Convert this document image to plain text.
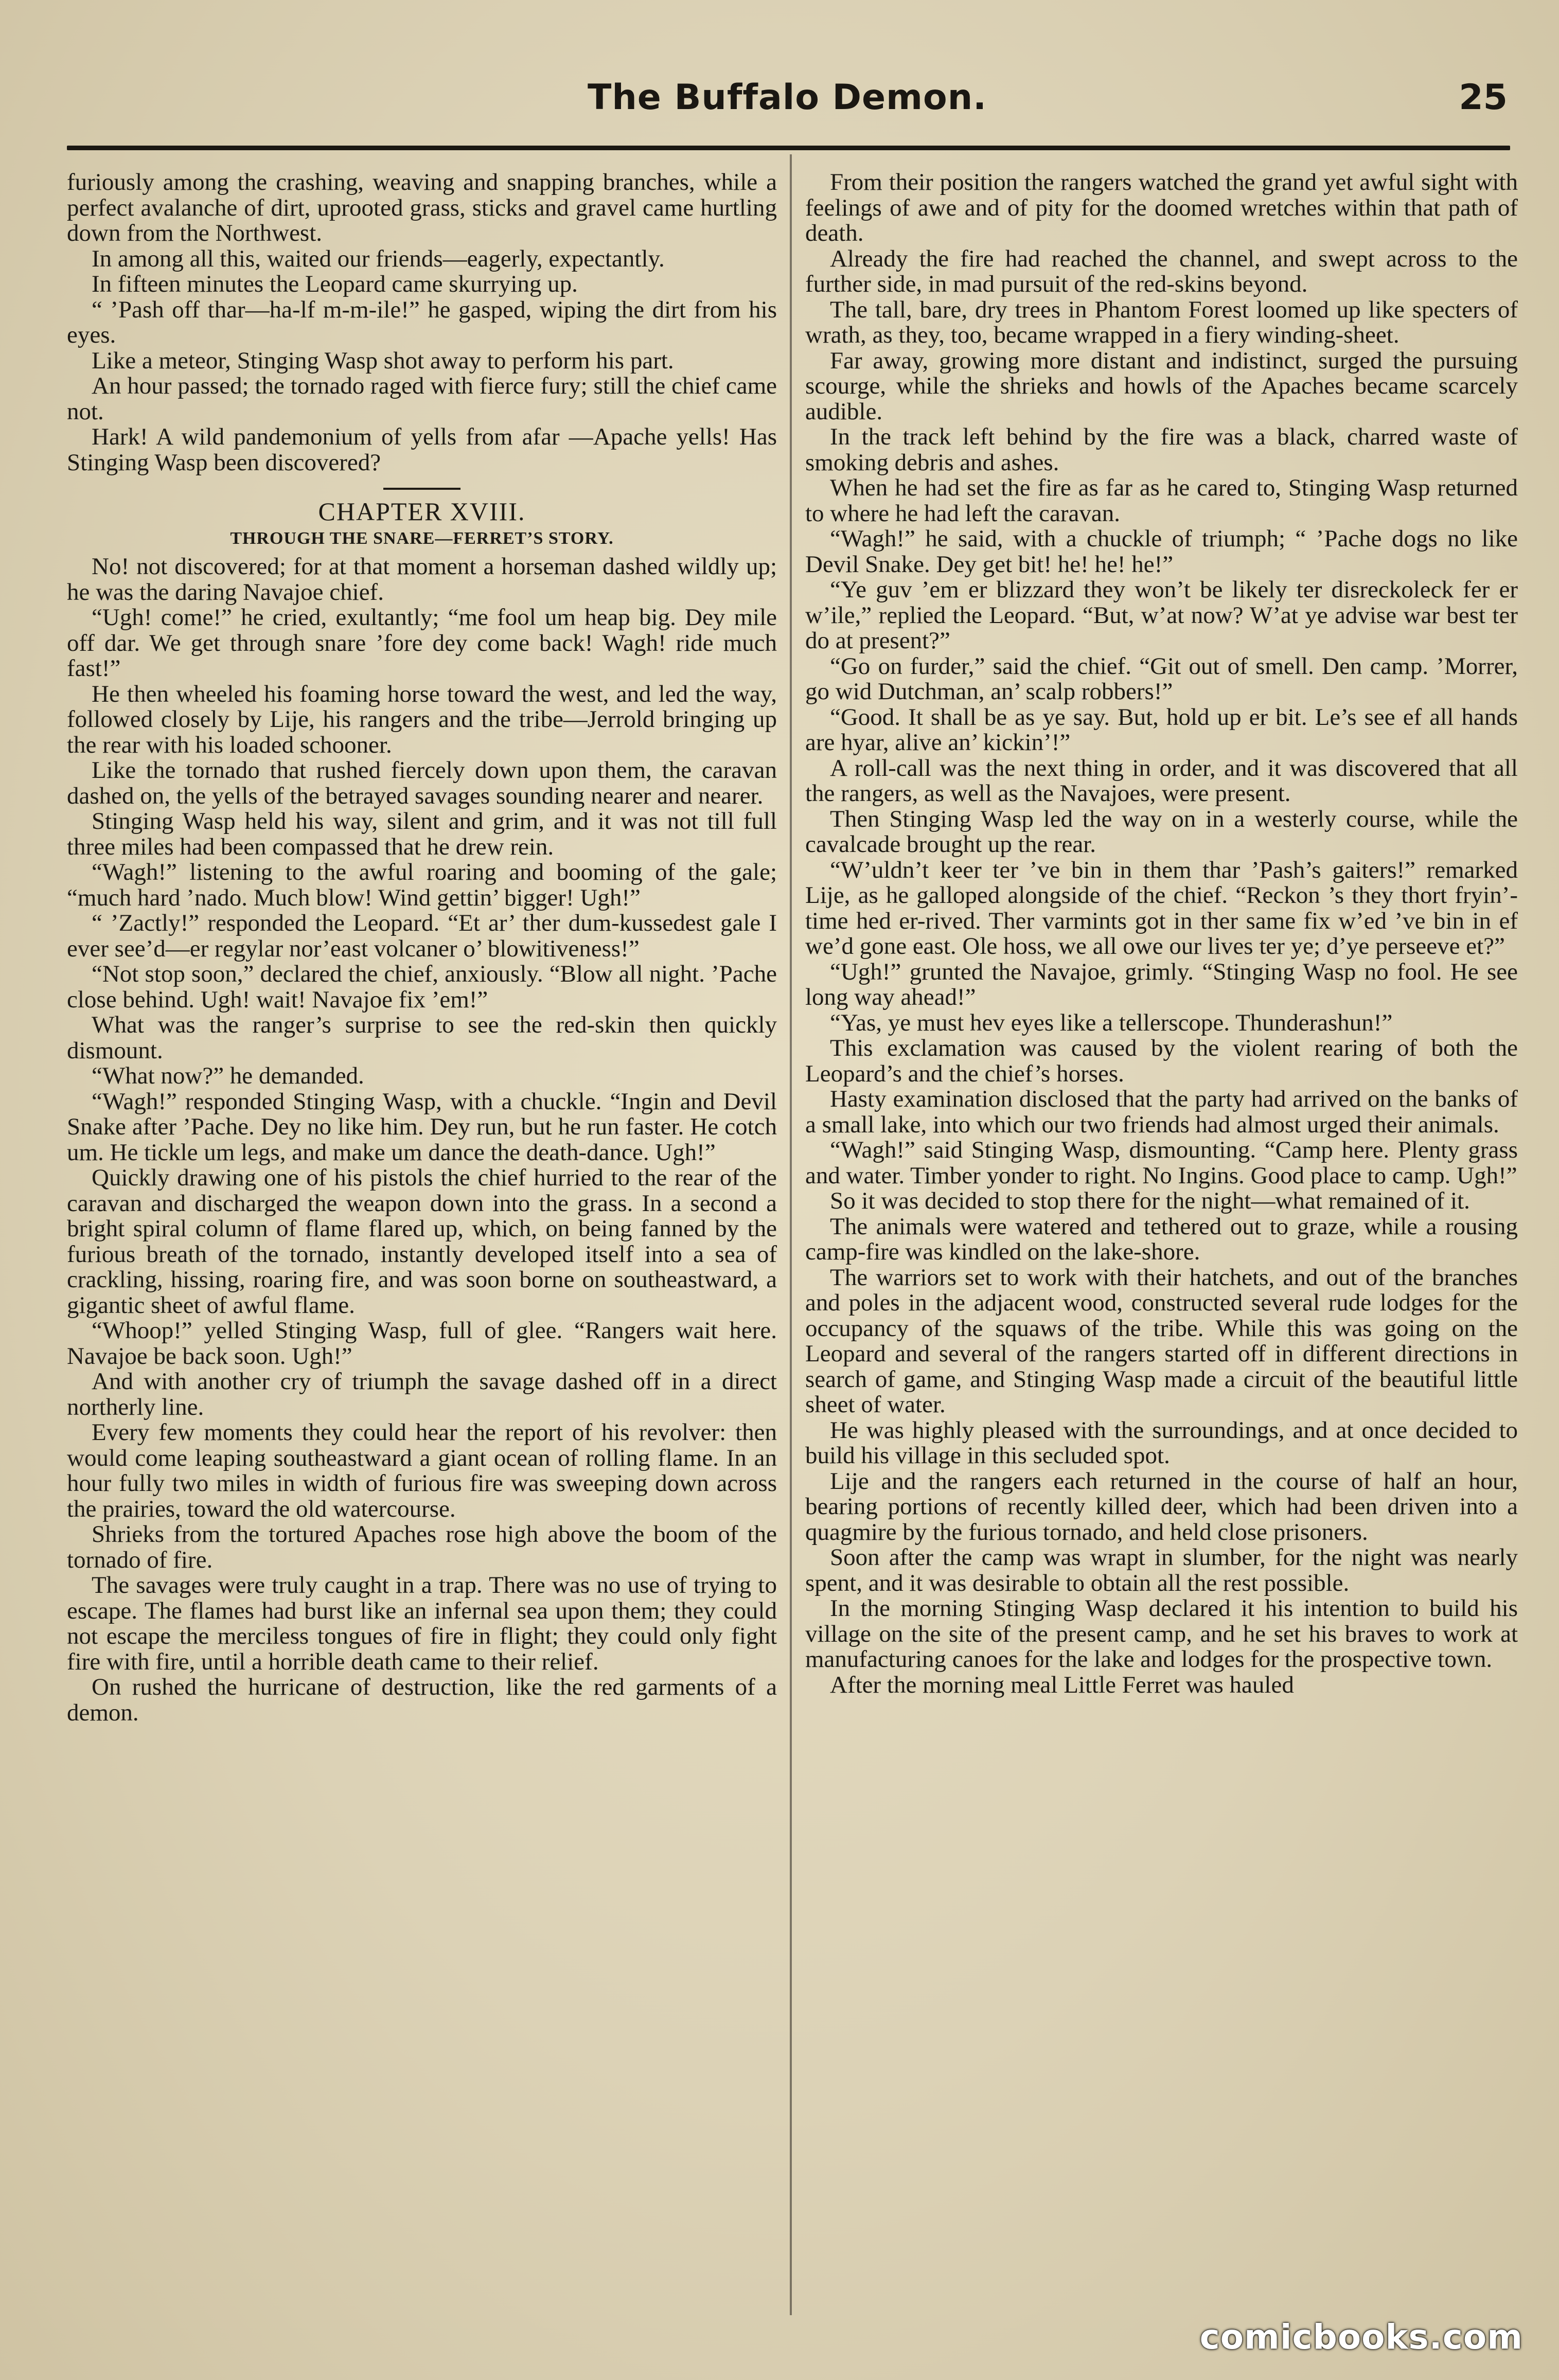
The Buffalo Demon.	25

furiously among the crashing, weaving and snapping branches, while a perfect avalanche of dirt, uprooted grass, sticks and gravel came hurtling down from the Northwest.

In among all this, waited our friends—eagerly, expectantly.

In fifteen minutes the Leopard came skurrying up.

“ ’Pash off thar—ha-lf m-m-ile!” he gasped, wiping the dirt from his eyes.

Like a meteor, Stinging Wasp shot away to perform his part.

An hour passed; the tornado raged with fierce fury; still the chief came not.

Hark! A wild pandemonium of yells from afar —Apache yells! Has Stinging Wasp been discovered?

CHAPTER XVIII.
THROUGH THE SNARE—FERRET’S STORY.

No! not discovered; for at that moment a horseman dashed wildly up; he was the daring Navajoe chief.

“Ugh! come!” he cried, exultantly; “me fool um heap big. Dey mile off dar. We get through snare ’fore dey come back! Wagh! ride much fast!”

He then wheeled his foaming horse toward the west, and led the way, followed closely by Lije, his rangers and the tribe—Jerrold bringing up the rear with his loaded schooner.

Like the tornado that rushed fiercely down upon them, the caravan dashed on, the yells of the betrayed savages sounding nearer and nearer.

Stinging Wasp held his way, silent and grim, and it was not till full three miles had been compassed that he drew rein.

“Wagh!” listening to the awful roaring and booming of the gale; “much hard ’nado. Much blow! Wind gettin’ bigger! Ugh!”

“ ’Zactly!” responded the Leopard. “Et ar’ ther dum-kussedest gale I ever see’d—er regylar nor’east volcaner o’ blowitiveness!”

“Not stop soon,” declared the chief, anxiously. “Blow all night. ’Pache close behind. Ugh! wait! Navajoe fix ’em!”

What was the ranger’s surprise to see the red-skin then quickly dismount.

“What now?” he demanded.

“Wagh!” responded Stinging Wasp, with a chuckle. “Ingin and Devil Snake after ’Pache. Dey no like him. Dey run, but he run faster. He cotch um. He tickle um legs, and make um dance the death-dance. Ugh!”

Quickly drawing one of his pistols the chief hurried to the rear of the caravan and discharged the weapon down into the grass. In a second a bright spiral column of flame flared up, which, on being fanned by the furious breath of the tornado, instantly developed itself into a sea of crackling, hissing, roaring fire, and was soon borne on southeastward, a gigantic sheet of awful flame.

“Whoop!” yelled Stinging Wasp, full of glee. “Rangers wait here. Navajoe be back soon. Ugh!”

And with another cry of triumph the savage dashed off in a direct northerly line.

Every few moments they could hear the report of his revolver: then would come leaping southeastward a giant ocean of rolling flame. In an hour fully two miles in width of furious fire was sweeping down across the prairies, toward the old watercourse.

Shrieks from the tortured Apaches rose high above the boom of the tornado of fire.

The savages were truly caught in a trap. There was no use of trying to escape. The flames had burst like an infernal sea upon them; they could not escape the merciless tongues of fire in flight; they could only fight fire with fire, until a horrible death came to their relief.

On rushed the hurricane of destruction, like the red garments of a demon.

From their position the rangers watched the grand yet awful sight with feelings of awe and of pity for the doomed wretches within that path of death.

Already the fire had reached the channel, and swept across to the further side, in mad pursuit of the red-skins beyond.

The tall, bare, dry trees in Phantom Forest loomed up like specters of wrath, as they, too, became wrapped in a fiery winding-sheet.

Far away, growing more distant and indistinct, surged the pursuing scourge, while the shrieks and howls of the Apaches became scarcely audible.

In the track left behind by the fire was a black, charred waste of smoking debris and ashes.

When he had set the fire as far as he cared to, Stinging Wasp returned to where he had left the caravan.

“Wagh!” he said, with a chuckle of triumph; “ ’Pache dogs no like Devil Snake. Dey get bit! he! he! he!”

“Ye guv ’em er blizzard they won’t be likely ter disreckoleck fer er w’ile,” replied the Leopard. “But, w’at now? W’at ye advise war best ter do at present?”

“Go on furder,” said the chief. “Git out of smell. Den camp. ’Morrer, go wid Dutchman, an’ scalp robbers!”

“Good. It shall be as ye say. But, hold up er bit. Le’s see ef all hands are hyar, alive an’ kickin’!”

A roll-call was the next thing in order, and it was discovered that all the rangers, as well as the Navajoes, were present.

Then Stinging Wasp led the way on in a westerly course, while the cavalcade brought up the rear.

“W’uldn’t keer ter ’ve bin in them thar ’Pash’s gaiters!” remarked Lije, as he galloped alongside of the chief. “Reckon ’s they thort fryin’-time hed er-rived. Ther varmints got in ther same fix w’ed ’ve bin in ef we’d gone east. Ole hoss, we all owe our lives ter ye; d’ye perseeve et?”

“Ugh!” grunted the Navajoe, grimly. “Stinging Wasp no fool. He see long way ahead!”

“Yas, ye must hev eyes like a tellerscope. Thunderashun!”

This exclamation was caused by the violent rearing of both the Leopard’s and the chief’s horses.

Hasty examination disclosed that the party had arrived on the banks of a small lake, into which our two friends had almost urged their animals.

“Wagh!” said Stinging Wasp, dismounting. “Camp here. Plenty grass and water. Timber yonder to right. No Ingins. Good place to camp. Ugh!”

So it was decided to stop there for the night—what remained of it.

The animals were watered and tethered out to graze, while a rousing camp-fire was kindled on the lake-shore.

The warriors set to work with their hatchets, and out of the branches and poles in the adjacent wood, constructed several rude lodges for the occupancy of the squaws of the tribe. While this was going on the Leopard and several of the rangers started off in different directions in search of game, and Stinging Wasp made a circuit of the beautiful little sheet of water.

He was highly pleased with the surroundings, and at once decided to build his village in this secluded spot.

Lije and the rangers each returned in the course of half an hour, bearing portions of recently killed deer, which had been driven into a quagmire by the furious tornado, and held close prisoners.

Soon after the camp was wrapt in slumber, for the night was nearly spent, and it was desirable to obtain all the rest possible.

In the morning Stinging Wasp declared it his intention to build his village on the site of the present camp, and he set his braves to work at manufacturing canoes for the lake and lodges for the prospective town.

After the morning meal Little Ferret was hauled

comicbooks.com
